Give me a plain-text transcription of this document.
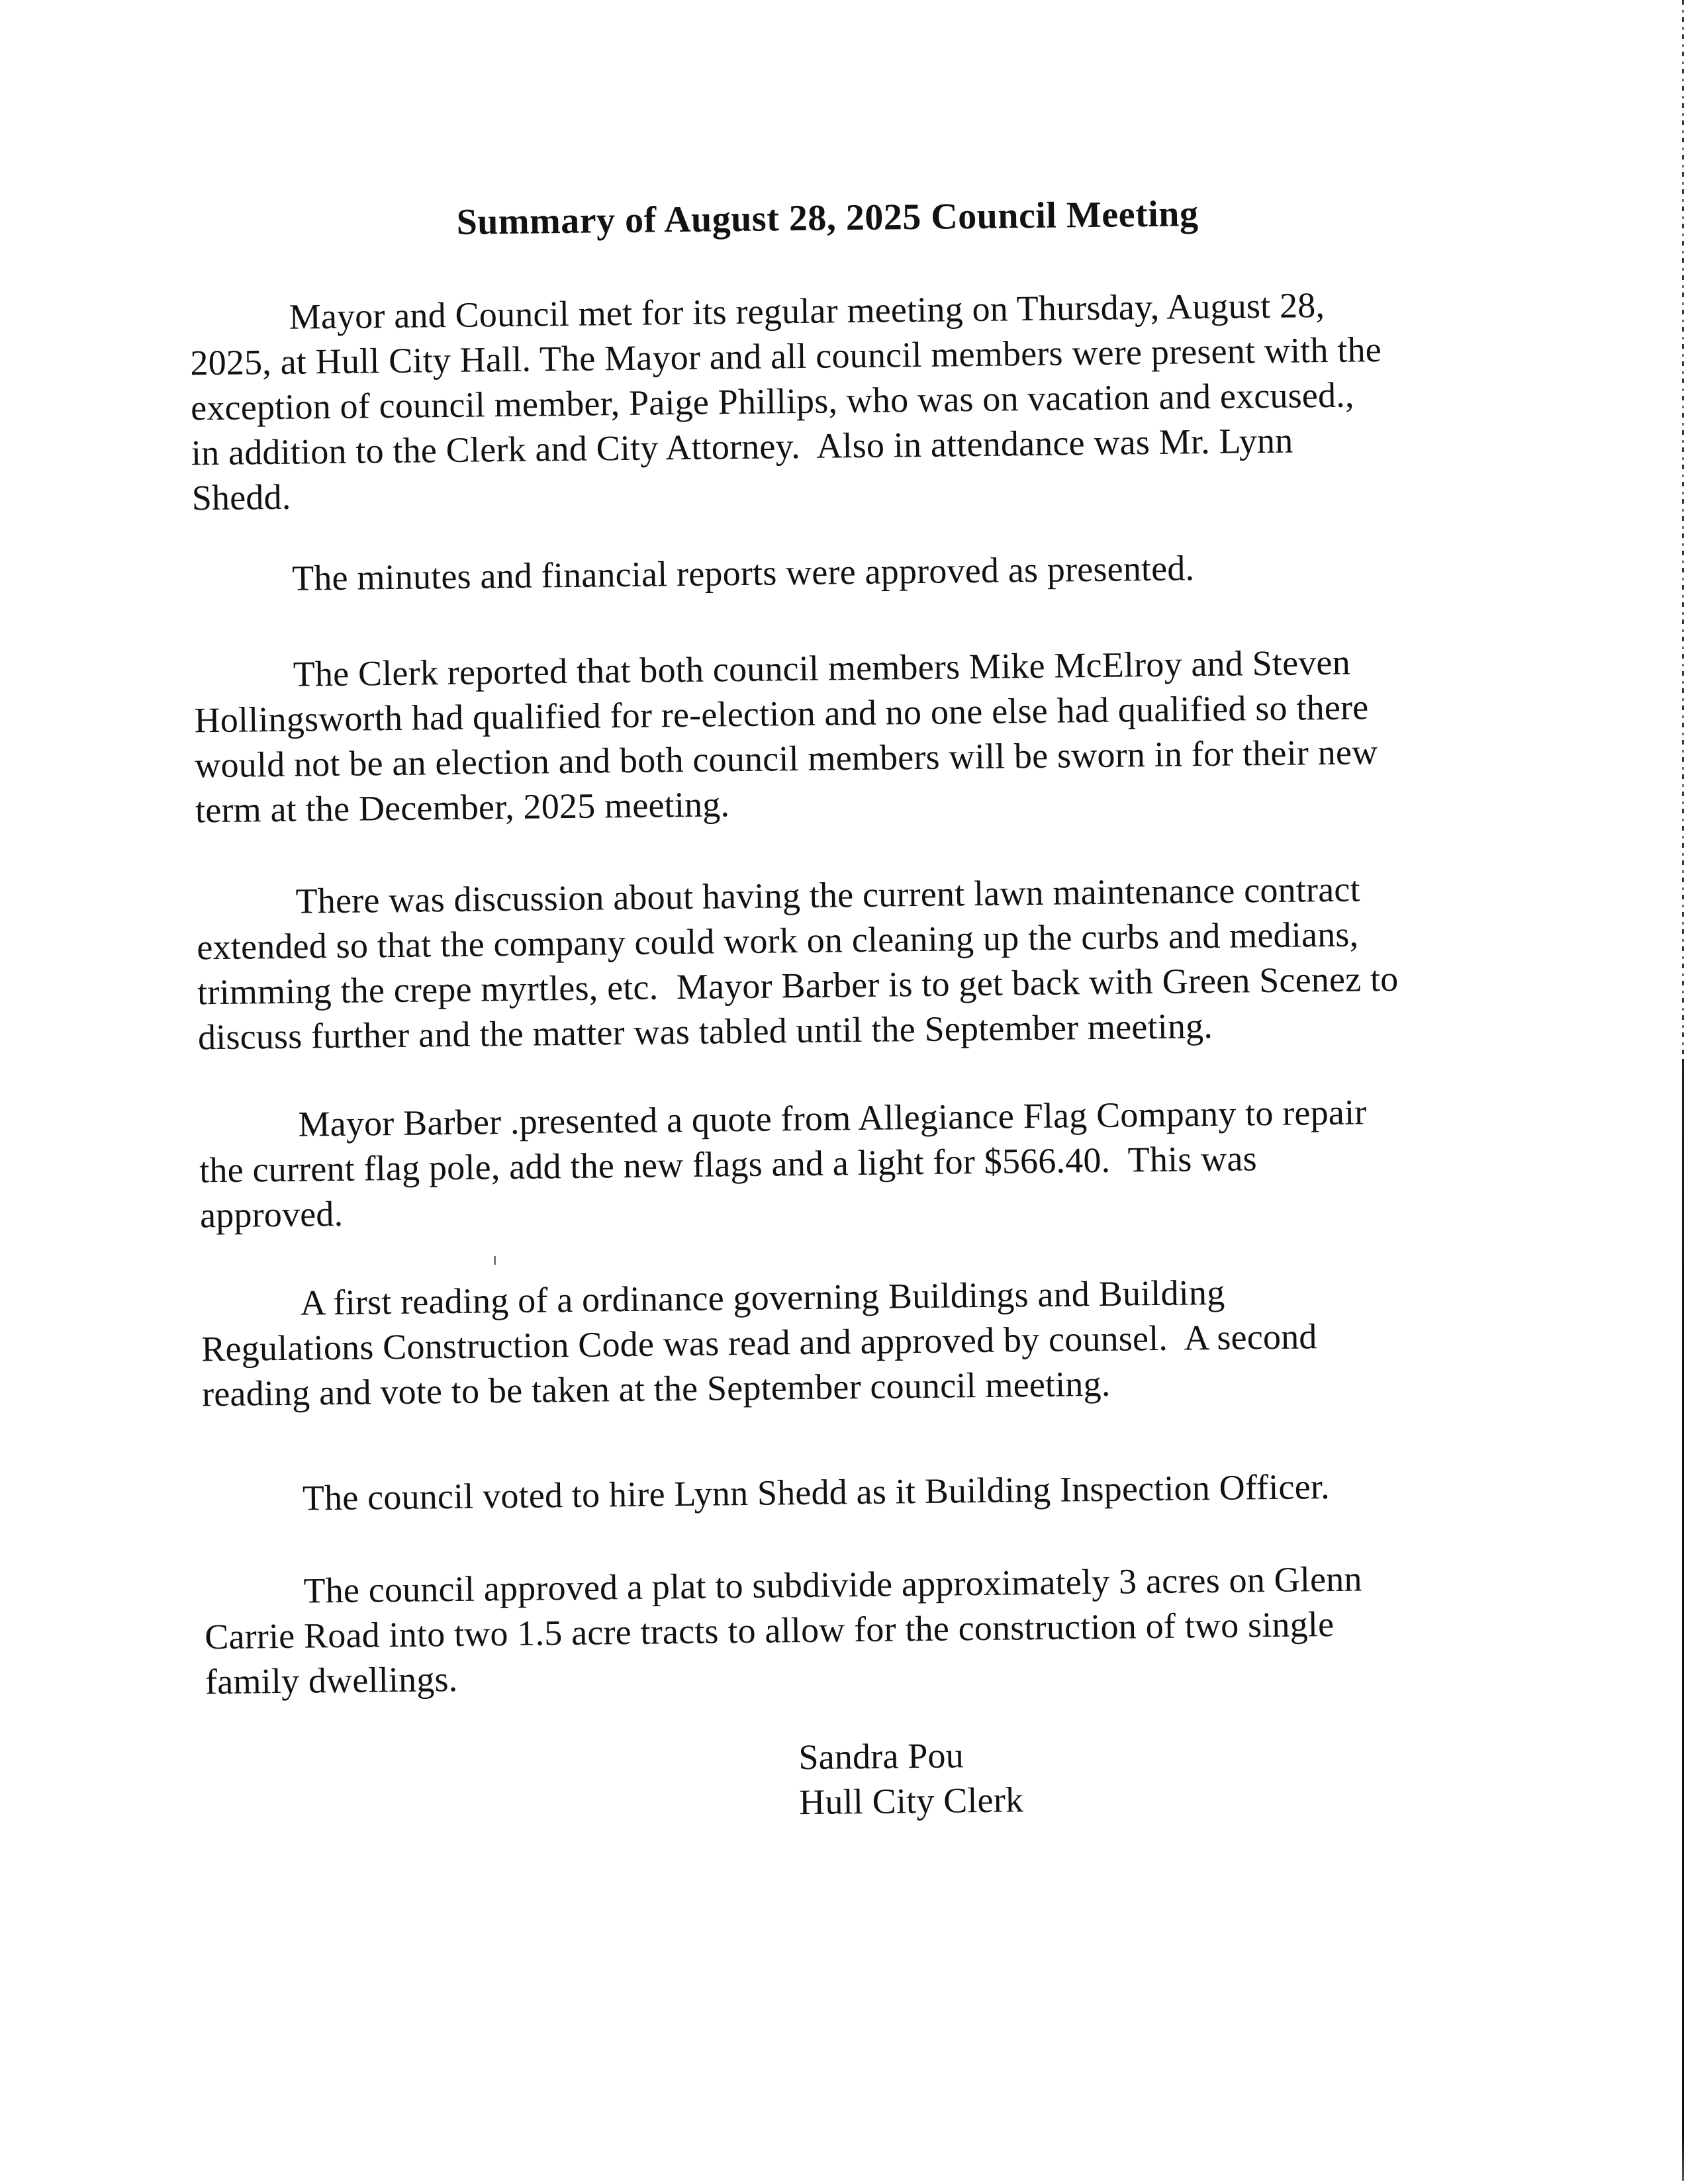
Summary of August 28, 2025 Council Meeting

Mayor and Council met for its regular meeting on Thursday, August 28,
2025, at Hull City Hall. The Mayor and all council members were present with the
exception of council member, Paige Phillips, who was on vacation and excused.,
in addition to the Clerk and City Attorney.  Also in attendance was Mr. Lynn
Shedd.

The minutes and financial reports were approved as presented.

The Clerk reported that both council members Mike McElroy and Steven
Hollingsworth had qualified for re-election and no one else had qualified so there
would not be an election and both council members will be sworn in for their new
term at the December, 2025 meeting.

There was discussion about having the current lawn maintenance contract
extended so that the company could work on cleaning up the curbs and medians,
trimming the crepe myrtles, etc.  Mayor Barber is to get back with Green Scenez to
discuss further and the matter was tabled until the September meeting.

Mayor Barber .presented a quote from Allegiance Flag Company to repair
the current flag pole, add the new flags and a light for $566.40.  This was
approved.

A first reading of a ordinance governing Buildings and Building
Regulations Construction Code was read and approved by counsel.  A second
reading and vote to be taken at the September council meeting.

The council voted to hire Lynn Shedd as it Building Inspection Officer.

The council approved a plat to subdivide approximately 3 acres on Glenn
Carrie Road into two 1.5 acre tracts to allow for the construction of two single
family dwellings.

Sandra Pou
Hull City Clerk
